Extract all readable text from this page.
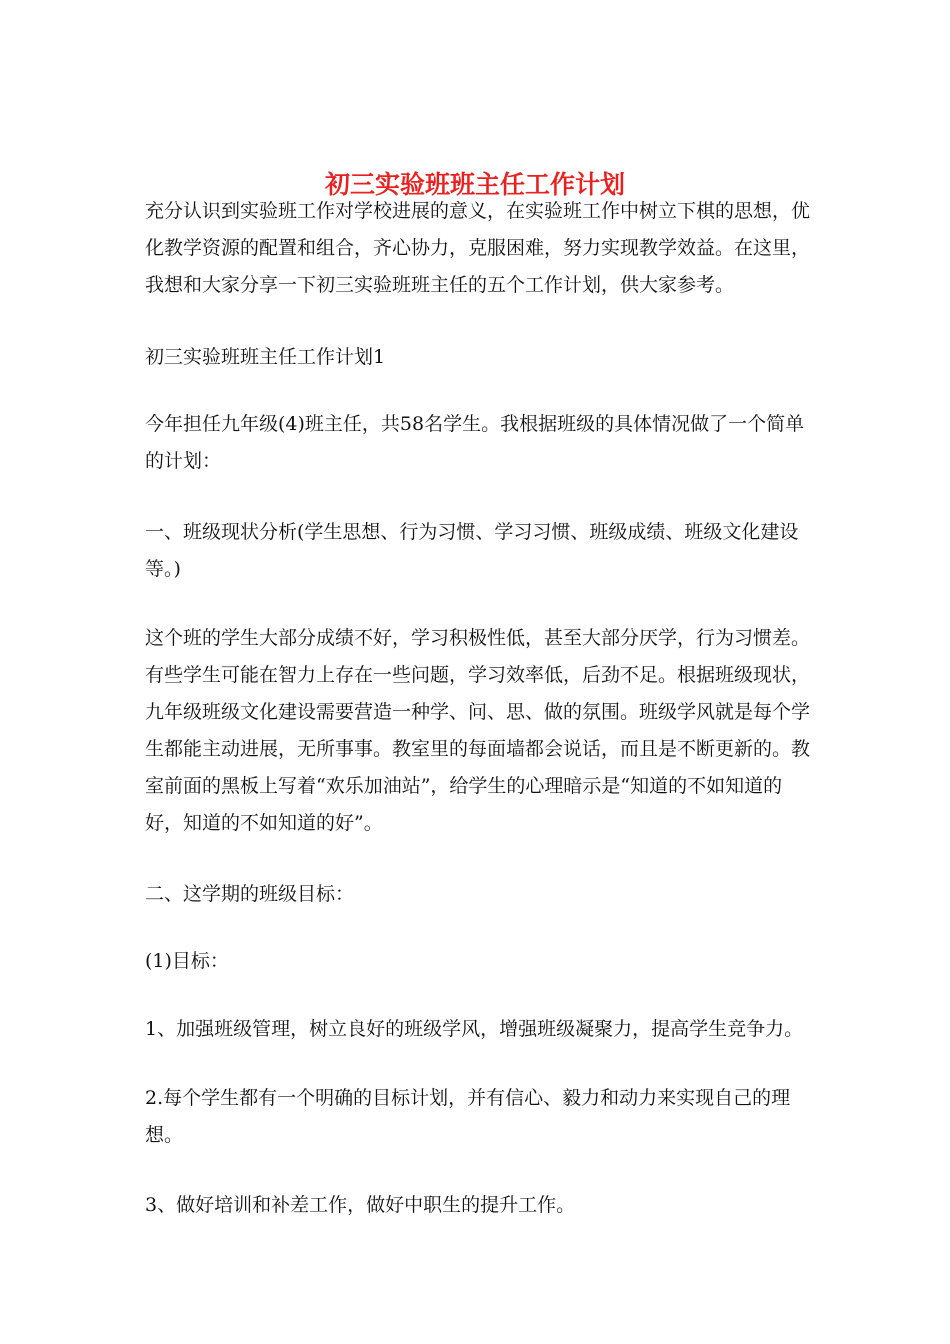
初三实验班班主任工作计划

充分认识到实验班工作对学校进展的意义，在实验班工作中树立下棋的思想，优化教学资源的配置和组合，齐心协力，克服困难，努力实现教学效益。在这里，我想和大家分享一下初三实验班班主任的五个工作计划，供大家参考。

初三实验班班主任工作计划1

今年担任九年级(4)班主任，共58名学生。我根据班级的具体情况做了一个简单的计划：

一、班级现状分析(学生思想、行为习惯、学习习惯、班级成绩、班级文化建设等。)

这个班的学生大部分成绩不好，学习积极性低，甚至大部分厌学，行为习惯差。有些学生可能在智力上存在一些问题，学习效率低，后劲不足。根据班级现状，九年级班级文化建设需要营造一种学、问、思、做的氛围。班级学风就是每个学生都能主动进展，无所事事。教室里的每面墙都会说话，而且是不断更新的。教室前面的黑板上写着“欢乐加油站”，给学生的心理暗示是“知道的不如知道的好，知道的不如知道的好”。

二、这学期的班级目标：

(1)目标：

1、加强班级管理，树立良好的班级学风，增强班级凝聚力，提高学生竞争力。

2.每个学生都有一个明确的目标计划，并有信心、毅力和动力来实现自己的理想。

3、做好培训和补差工作，做好中职生的提升工作。
